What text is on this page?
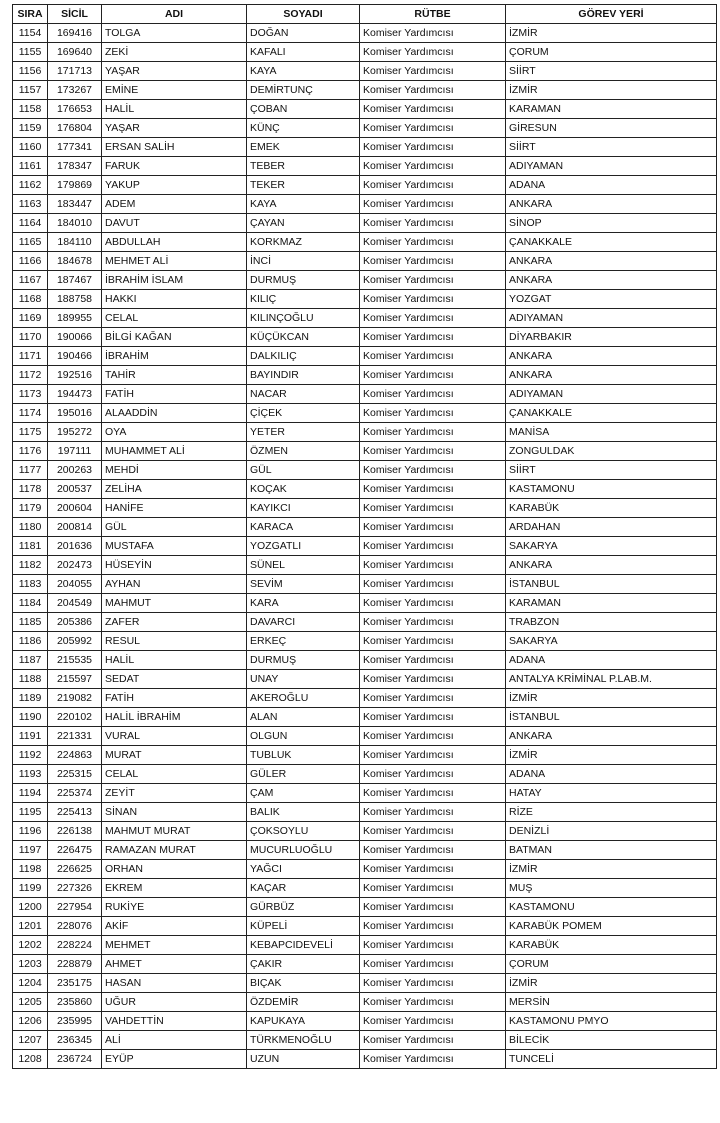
SIRA	SİCİL	ADI	SOYADI	RÜTBE	GÖREV YERİ
1154	169416	TOLGA	DOĞAN	Komiser Yardımcısı	İZMİR
1155	169640	ZEKİ	KAFALI	Komiser Yardımcısı	ÇORUM
1156	171713	YAŞAR	KAYA	Komiser Yardımcısı	SİİRT
1157	173267	EMİNE	DEMİRTUNÇ	Komiser Yardımcısı	İZMİR
1158	176653	HALİL	ÇOBAN	Komiser Yardımcısı	KARAMAN
1159	176804	YAŞAR	KÜNÇ	Komiser Yardımcısı	GİRESUN
1160	177341	ERSAN SALİH	EMEK	Komiser Yardımcısı	SİİRT
1161	178347	FARUK	TEBER	Komiser Yardımcısı	ADIYAMAN
1162	179869	YAKUP	TEKER	Komiser Yardımcısı	ADANA
1163	183447	ADEM	KAYA	Komiser Yardımcısı	ANKARA
1164	184010	DAVUT	ÇAYAN	Komiser Yardımcısı	SİNOP
1165	184110	ABDULLAH	KORKMAZ	Komiser Yardımcısı	ÇANAKKALE
1166	184678	MEHMET ALİ	İNCİ	Komiser Yardımcısı	ANKARA
1167	187467	İBRAHİM İSLAM	DURMUŞ	Komiser Yardımcısı	ANKARA
1168	188758	HAKKI	KILIÇ	Komiser Yardımcısı	YOZGAT
1169	189955	CELAL	KILINÇOĞLU	Komiser Yardımcısı	ADIYAMAN
1170	190066	BİLGİ KAĞAN	KÜÇÜKCAN	Komiser Yardımcısı	DİYARBAKIR
1171	190466	İBRAHİM	DALKILIÇ	Komiser Yardımcısı	ANKARA
1172	192516	TAHİR	BAYINDIR	Komiser Yardımcısı	ANKARA
1173	194473	FATİH	NACAR	Komiser Yardımcısı	ADIYAMAN
1174	195016	ALAADDİN	ÇİÇEK	Komiser Yardımcısı	ÇANAKKALE
1175	195272	OYA	YETER	Komiser Yardımcısı	MANİSA
1176	197111	MUHAMMET ALİ	ÖZMEN	Komiser Yardımcısı	ZONGULDAK
1177	200263	MEHDİ	GÜL	Komiser Yardımcısı	SİİRT
1178	200537	ZELİHA	KOÇAK	Komiser Yardımcısı	KASTAMONU
1179	200604	HANİFE	KAYIKCI	Komiser Yardımcısı	KARABÜK
1180	200814	GÜL	KARACA	Komiser Yardımcısı	ARDAHAN
1181	201636	MUSTAFA	YOZGATLI	Komiser Yardımcısı	SAKARYA
1182	202473	HÜSEYİN	SÜNEL	Komiser Yardımcısı	ANKARA
1183	204055	AYHAN	SEVİM	Komiser Yardımcısı	İSTANBUL
1184	204549	MAHMUT	KARA	Komiser Yardımcısı	KARAMAN
1185	205386	ZAFER	DAVARCI	Komiser Yardımcısı	TRABZON
1186	205992	RESUL	ERKEÇ	Komiser Yardımcısı	SAKARYA
1187	215535	HALİL	DURMUŞ	Komiser Yardımcısı	ADANA
1188	215597	SEDAT	UNAY	Komiser Yardımcısı	ANTALYA KRİMİNAL P.LAB.M.
1189	219082	FATİH	AKEROĞLU	Komiser Yardımcısı	İZMİR
1190	220102	HALİL İBRAHİM	ALAN	Komiser Yardımcısı	İSTANBUL
1191	221331	VURAL	OLGUN	Komiser Yardımcısı	ANKARA
1192	224863	MURAT	TUBLUK	Komiser Yardımcısı	İZMİR
1193	225315	CELAL	GÜLER	Komiser Yardımcısı	ADANA
1194	225374	ZEYİT	ÇAM	Komiser Yardımcısı	HATAY
1195	225413	SİNAN	BALIK	Komiser Yardımcısı	RİZE
1196	226138	MAHMUT MURAT	ÇOKSOYLU	Komiser Yardımcısı	DENİZLİ
1197	226475	RAMAZAN MURAT	MUCURLUOĞLU	Komiser Yardımcısı	BATMAN
1198	226625	ORHAN	YAĞCI	Komiser Yardımcısı	İZMİR
1199	227326	EKREM	KAÇAR	Komiser Yardımcısı	MUŞ
1200	227954	RUKİYE	GÜRBÜZ	Komiser Yardımcısı	KASTAMONU
1201	228076	AKİF	KÜPELİ	Komiser Yardımcısı	KARABÜK POMEM
1202	228224	MEHMET	KEBAPCIDEVELİ	Komiser Yardımcısı	KARABÜK
1203	228879	AHMET	ÇAKIR	Komiser Yardımcısı	ÇORUM
1204	235175	HASAN	BIÇAK	Komiser Yardımcısı	İZMİR
1205	235860	UĞUR	ÖZDEMİR	Komiser Yardımcısı	MERSİN
1206	235995	VAHDETTİN	KAPUKAYA	Komiser Yardımcısı	KASTAMONU PMYO
1207	236345	ALİ	TÜRKMENOĞLU	Komiser Yardımcısı	BİLECİK
1208	236724	EYÜP	UZUN	Komiser Yardımcısı	TUNCELİ
